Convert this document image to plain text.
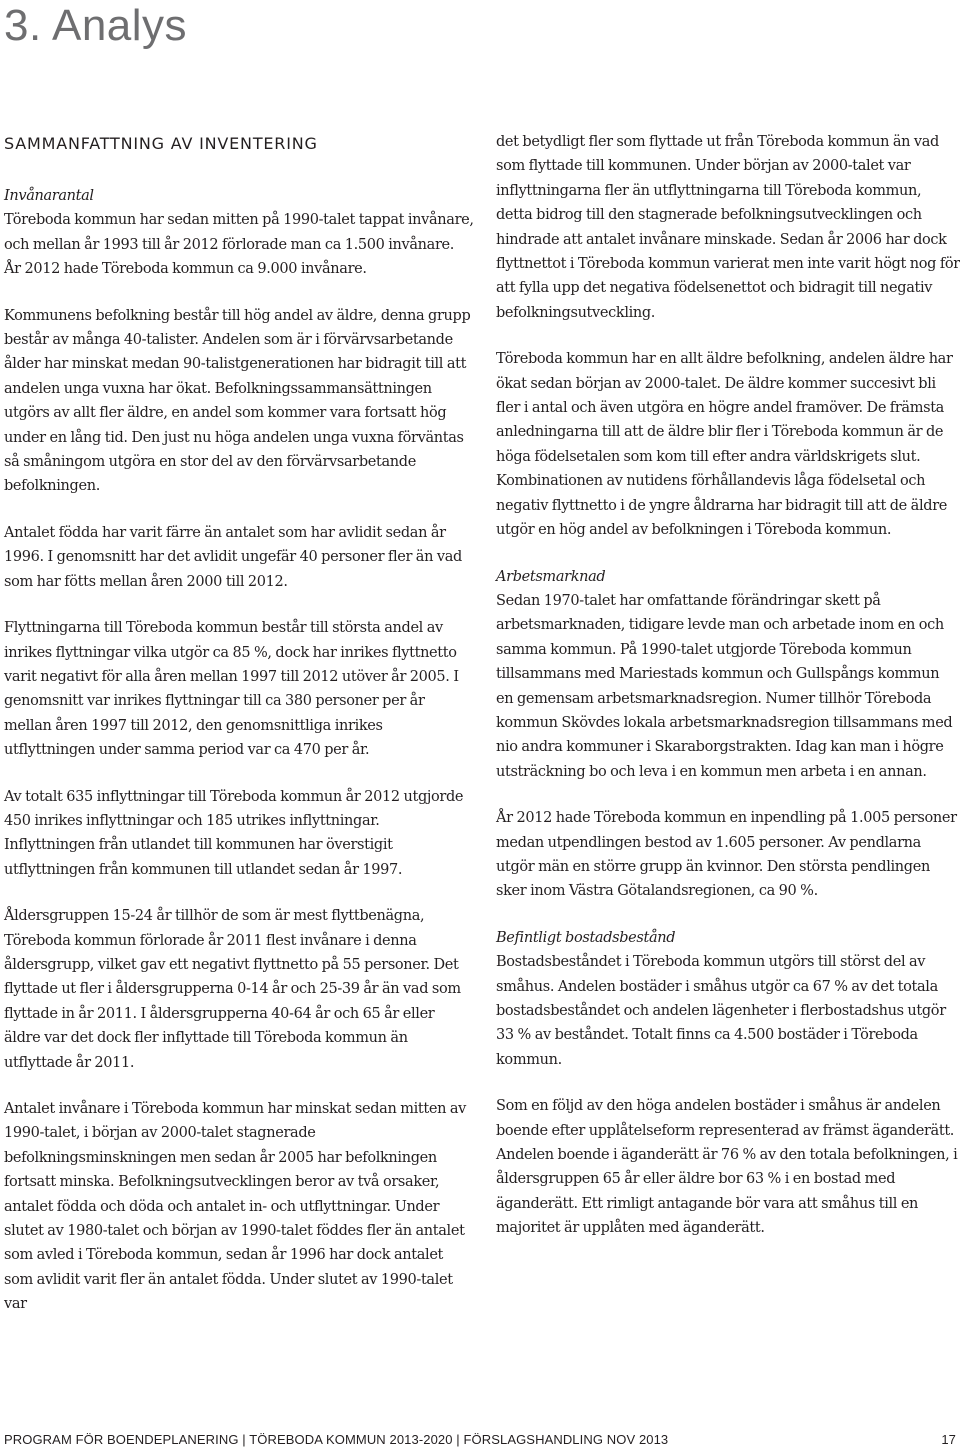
3. Analys
SAMMANFATTNING AV INVENTERING

Invånarantal
Töreboda kommun har sedan mitten på 1990-talet tappat invånare, och mellan år 1993 till år 2012 förlorade man ca 1.500 invånare. År 2012 hade Töreboda kommun ca 9.000 invånare.

Kommunens befolkning består till hög andel av äldre, denna grupp består av många 40-talister. Andelen som är i förvärvsarbetande ålder har minskat medan 90-talistgenerationen har bidragit till att andelen unga vuxna har ökat. Befolkningssammansättningen utgörs av allt fler äldre, en andel som kommer vara fortsatt hög under en lång tid. Den just nu höga andelen unga vuxna förväntas så småningom utgöra en stor del av den förvärvsarbetande befolkningen.

Antalet födda har varit färre än antalet som har avlidit sedan år 1996. I genomsnitt har det avlidit ungefär 40 personer fler än vad som har fötts mellan åren 2000 till 2012.

Flyttningarna till Töreboda kommun består till största andel av inrikes flyttningar vilka utgör ca 85 %, dock har inrikes flyttnetto varit negativt för alla åren mellan 1997 till 2012 utöver år 2005. I genomsnitt var inrikes flyttningar till ca 380 personer per år mellan åren 1997 till 2012, den genomsnittliga inrikes utflyttningen under samma period var ca 470 per år.

Av totalt 635 inflyttningar till Töreboda kommun år 2012 utgjorde 450 inrikes inflyttningar och 185 utrikes inflyttningar. Inflyttningen från utlandet till kommunen har överstigit utflyttningen från kommunen till utlandet sedan år 1997.

Åldersgruppen 15-24 år tillhör de som är mest flyttbenägna, Töreboda kommun förlorade år 2011 flest invånare i denna åldersgrupp, vilket gav ett negativt flyttnetto på 55 personer. Det flyttade ut fler i åldersgrupperna 0-14 år och 25-39 år än vad som flyttade in år 2011. I åldersgrupperna 40-64 år och 65 år eller äldre var det dock fler inflyttade till Töreboda kommun än utflyttade år 2011.

Antalet invånare i Töreboda kommun har minskat sedan mitten av 1990-talet, i början av 2000-talet stagnerade befolkningsminskningen men sedan år 2005 har befolkningen fortsatt minska. Befolkningsutvecklingen beror av två orsaker, antalet födda och döda och antalet in- och utflyttningar. Under slutet av 1980-talet och början av 1990-talet föddes fler än antalet som avled i Töreboda kommun, sedan år 1996 har dock antalet som avlidit varit fler än antalet födda. Under slutet av 1990-talet var

det betydligt fler som flyttade ut från Töreboda kommun än vad som flyttade till kommunen. Under början av 2000-talet var inflyttningarna fler än utflyttningarna till Töreboda kommun, detta bidrog till den stagnerade befolkningsutvecklingen och hindrade att antalet invånare minskade. Sedan år 2006 har dock flyttnettot i Töreboda kommun varierat men inte varit högt nog för att fylla upp det negativa födelsenettot och bidragit till negativ befolkningsutveckling.

Töreboda kommun har en allt äldre befolkning, andelen äldre har ökat sedan början av 2000-talet. De äldre kommer succesivt bli fler i antal och även utgöra en högre andel framöver. De främsta anledningarna till att de äldre blir fler i Töreboda kommun är de höga födelsetalen som kom till efter andra världskrigets slut. Kombinationen av nutidens förhållandevis låga födelsetal och negativ flyttnetto i de yngre åldrarna har bidragit till att de äldre utgör en hög andel av befolkningen i Töreboda kommun.

Arbetsmarknad
Sedan 1970-talet har omfattande förändringar skett på arbetsmarknaden, tidigare levde man och arbetade inom en och samma kommun. På 1990-talet utgjorde Töreboda kommun tillsammans med Mariestads kommun och Gullspångs kommun en gemensam arbetsmarknadsregion. Numer tillhör Töreboda kommun Skövdes lokala arbetsmarknadsregion tillsammans med nio andra kommuner i Skaraborgstrakten. Idag kan man i högre utsträckning bo och leva i en kommun men arbeta i en annan.

År 2012 hade Töreboda kommun en inpendling på 1.005 personer medan utpendlingen bestod av 1.605 personer. Av pendlarna utgör män en större grupp än kvinnor. Den största pendlingen sker inom Västra Götalandsregionen, ca 90 %.

Befintligt bostadsbestånd
Bostadsbeståndet i Töreboda kommun utgörs till störst del av småhus. Andelen bostäder i småhus utgör ca 67 % av det totala bostadsbeståndet och andelen lägenheter i flerbostadshus utgör 33 % av beståndet. Totalt finns ca 4.500 bostäder i Töreboda kommun.

Som en följd av den höga andelen bostäder i småhus är andelen boende efter upplåtelseform representerad av främst äganderätt. Andelen boende i äganderätt är 76 % av den totala befolkningen, i åldersgruppen 65 år eller äldre bor 63 % i en bostad med äganderätt. Ett rimligt antagande bör vara att småhus till en majoritet är upplåten med äganderätt.

PROGRAM FÖR BOENDEPLANERING | TÖREBODA KOMMUN 2013-2020 | FÖRSLAGSHANDLING NOV 2013	17
